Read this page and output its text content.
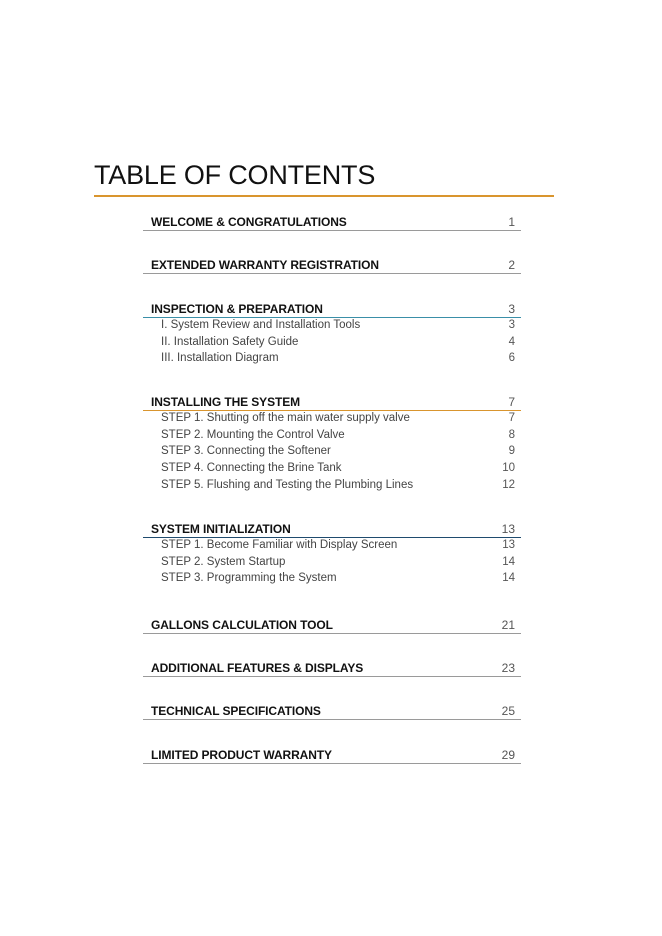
TABLE OF CONTENTS
WELCOME & CONGRATULATIONS	1
EXTENDED WARRANTY REGISTRATION	2
INSPECTION & PREPARATION	3
I. System Review and Installation Tools	3
II. Installation Safety Guide	4
III. Installation Diagram	6
INSTALLING THE SYSTEM	7
STEP 1. Shutting off the main water supply valve	7
STEP 2. Mounting the Control Valve	8
STEP 3. Connecting the Softener	9
STEP 4. Connecting the Brine Tank	10
STEP 5. Flushing and Testing the Plumbing Lines	12
SYSTEM INITIALIZATION	13
STEP 1. Become Familiar with Display Screen	13
STEP 2. System Startup	14
STEP 3. Programming the System	14
GALLONS CALCULATION TOOL	21
ADDITIONAL FEATURES & DISPLAYS	23
TECHNICAL SPECIFICATIONS	25
LIMITED PRODUCT WARRANTY	29
